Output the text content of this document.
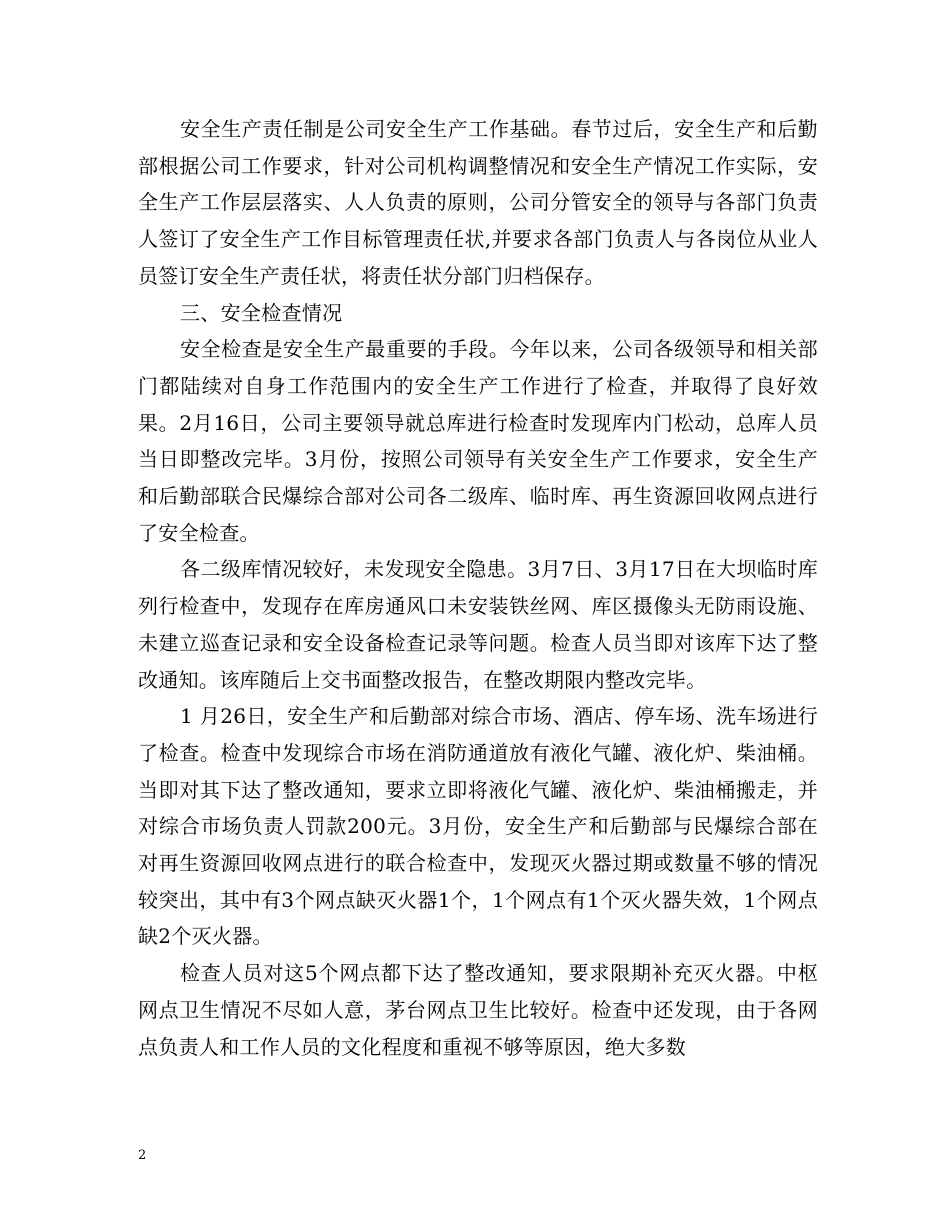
安全生产责任制是公司安全生产工作基础。春节过后，安全生产和后勤部根据公司工作要求，针对公司机构调整情况和安全生产情况工作实际，安全生产工作层层落实、人人负责的原则，公司分管安全的领导与各部门负责人签订了安全生产工作目标管理责任状,并要求各部门负责人与各岗位从业人员签订安全生产责任状，将责任状分部门归档保存。

三、安全检查情况

安全检查是安全生产最重要的手段。今年以来，公司各级领导和相关部门都陆续对自身工作范围内的安全生产工作进行了检查，并取得了良好效果。2月16日，公司主要领导就总库进行检查时发现库内门松动，总库人员当日即整改完毕。3月份，按照公司领导有关安全生产工作要求，安全生产和后勤部联合民爆综合部对公司各二级库、临时库、再生资源回收网点进行了安全检查。

各二级库情况较好，未发现安全隐患。3月7日、3月17日在大坝临时库列行检查中，发现存在库房通风口未安装铁丝网、库区摄像头无防雨设施、未建立巡查记录和安全设备检查记录等问题。检查人员当即对该库下达了整改通知。该库随后上交书面整改报告，在整改期限内整改完毕。

1 月26日，安全生产和后勤部对综合市场、酒店、停车场、洗车场进行了检查。检查中发现综合市场在消防通道放有液化气罐、液化炉、柴油桶。当即对其下达了整改通知，要求立即将液化气罐、液化炉、柴油桶搬走，并对综合市场负责人罚款200元。3月份，安全生产和后勤部与民爆综合部在对再生资源回收网点进行的联合检查中，发现灭火器过期或数量不够的情况较突出，其中有3个网点缺灭火器1个，1个网点有1个灭火器失效，1个网点缺2个灭火器。

检查人员对这5个网点都下达了整改通知，要求限期补充灭火器。中枢网点卫生情况不尽如人意，茅台网点卫生比较好。检查中还发现，由于各网点负责人和工作人员的文化程度和重视不够等原因，绝大多数

2
